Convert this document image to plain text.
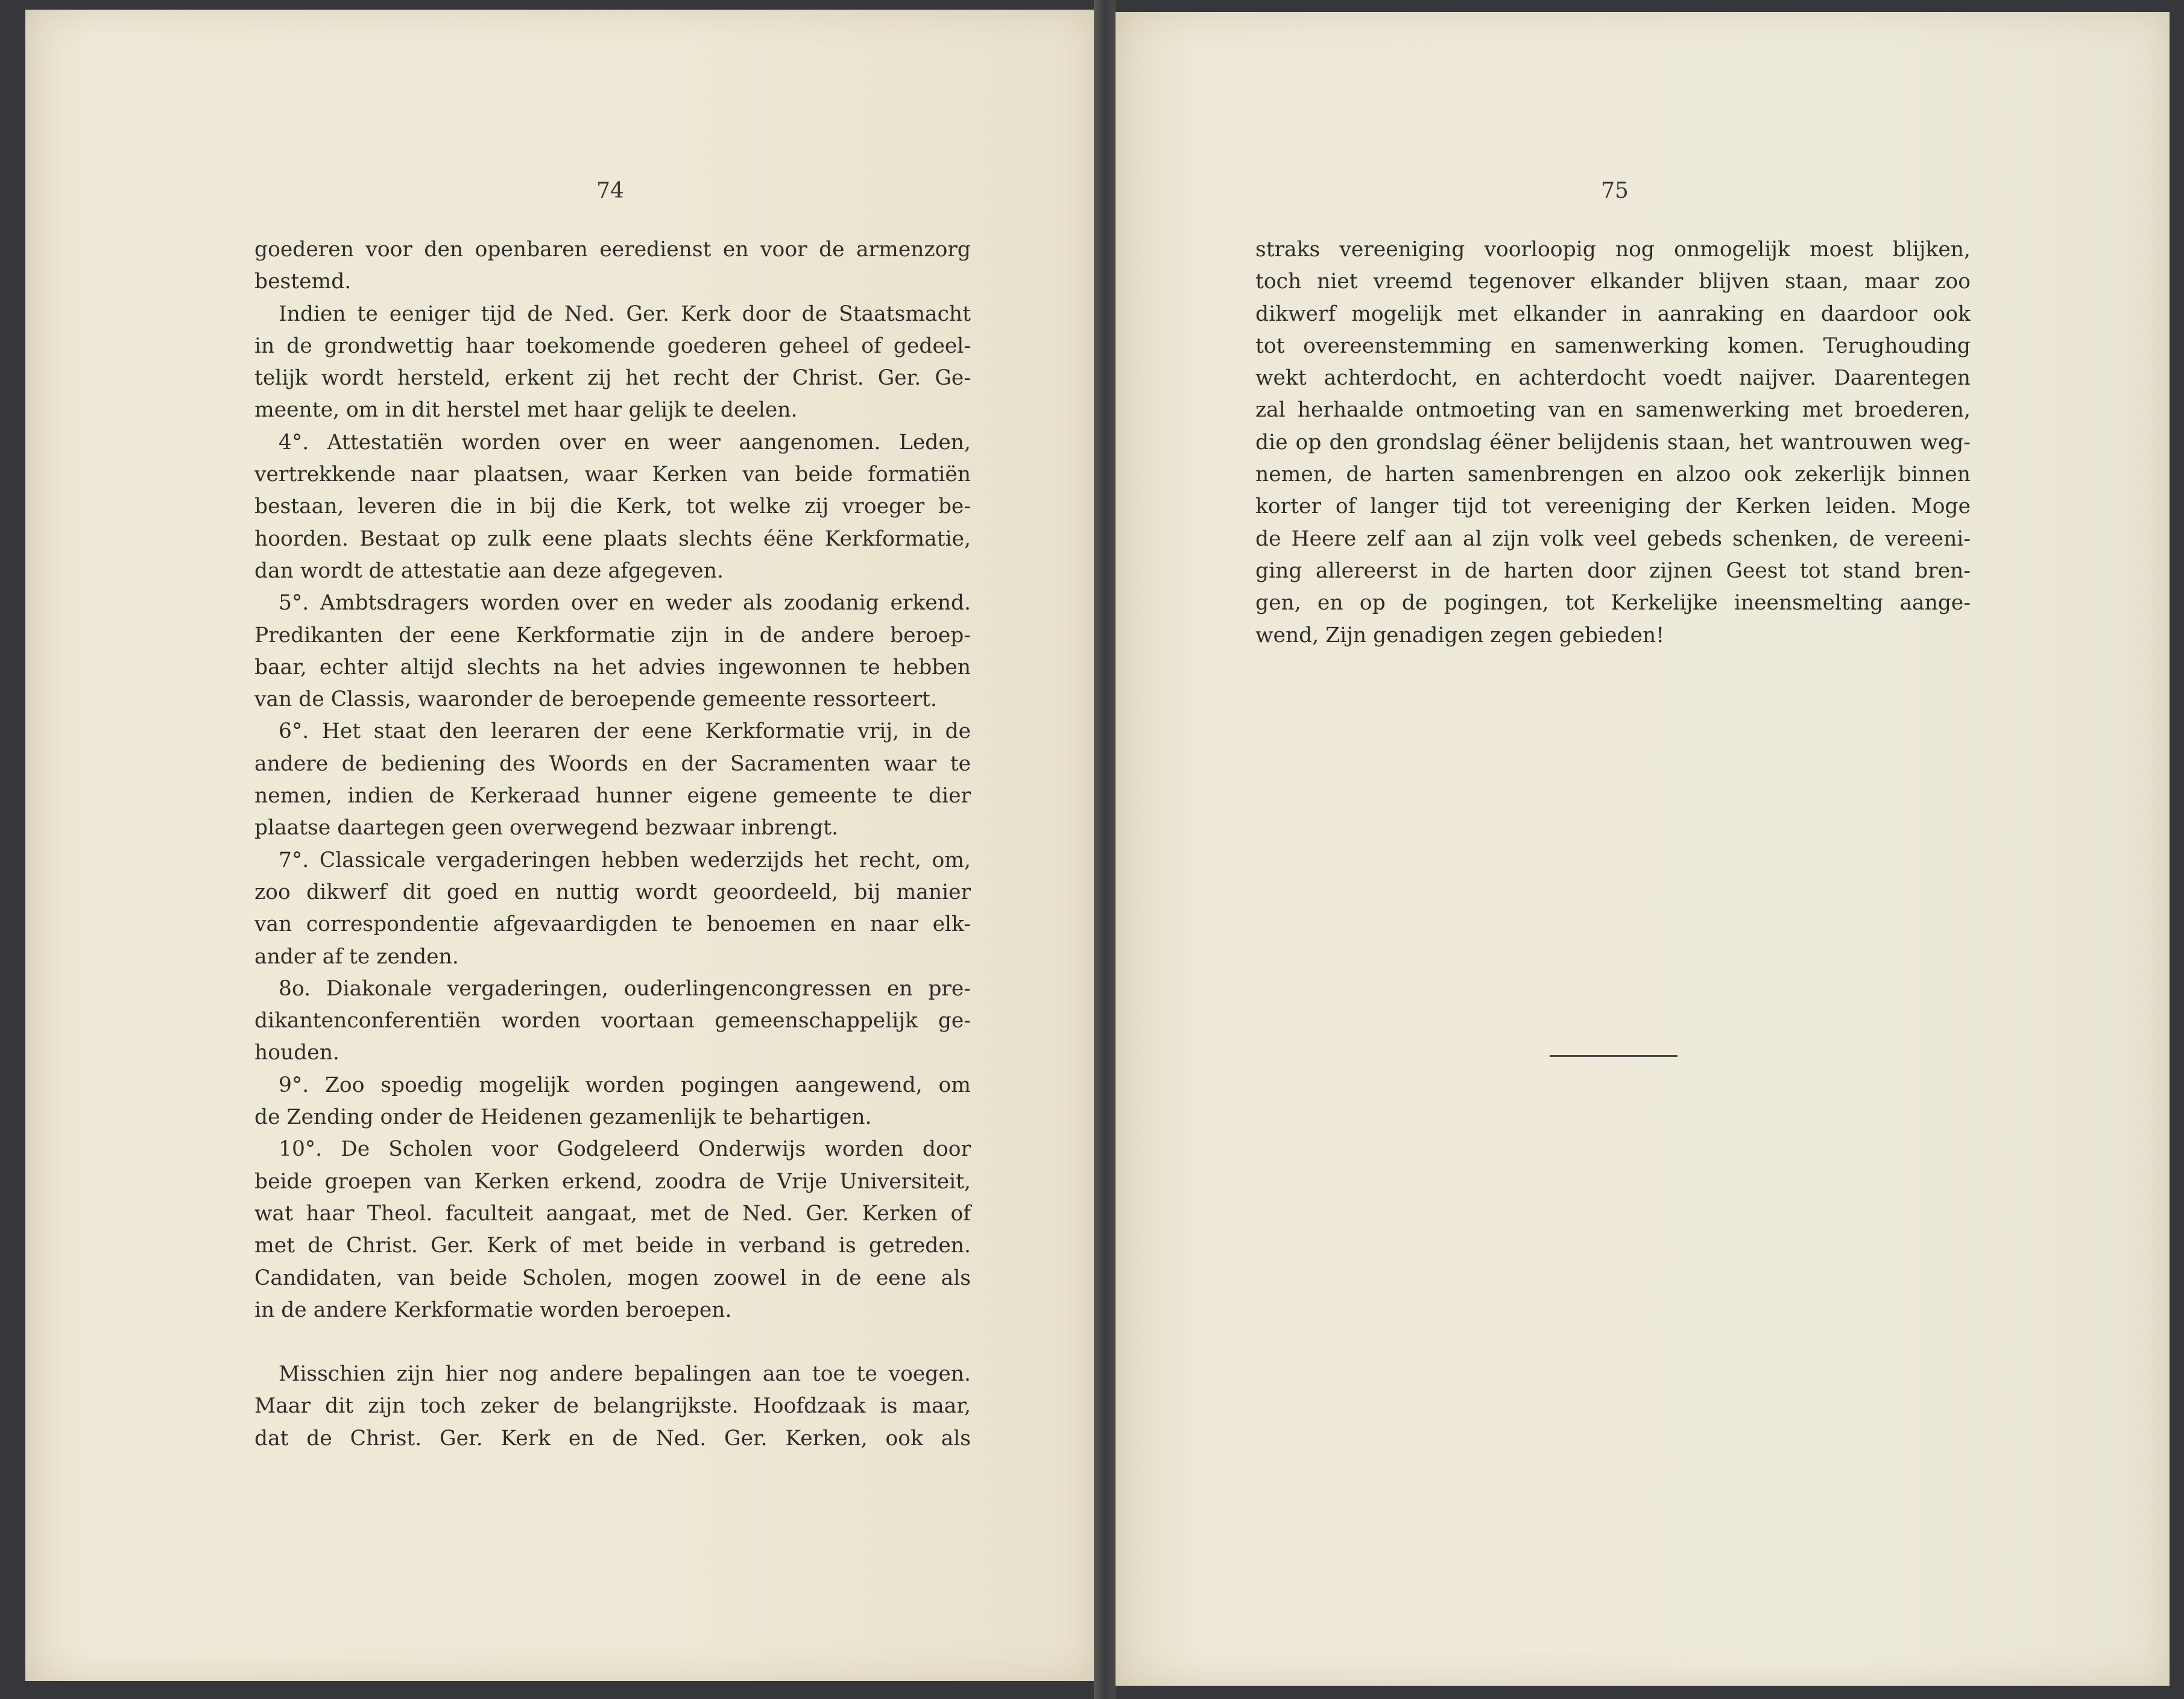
74	75

goederen voor den openbaren eeredienst en voor de armenzorg

bestemd.

Indien te eeniger tijd de Ned. Ger. Kerk door de Staatsmacht

in de grondwettig haar toekomende goederen geheel of gedeel-

telijk wordt hersteld, erkent zij het recht der Christ. Ger. Ge-

meente, om in dit herstel met haar gelijk te deelen.

4°. Attestatiën worden over en weer aangenomen. Leden,

vertrekkende naar plaatsen, waar Kerken van beide formatiën

bestaan, leveren die in bij die Kerk, tot welke zij vroeger be-

hoorden. Bestaat op zulk eene plaats slechts éëne Kerkformatie,

dan wordt de attestatie aan deze afgegeven.

5°. Ambtsdragers worden over en weder als zoodanig erkend.

Predikanten der eene Kerkformatie zijn in de andere beroep-

baar, echter altijd slechts na het advies ingewonnen te hebben

van de Classis, waaronder de beroepende gemeente ressorteert.

6°. Het staat den leeraren der eene Kerkformatie vrij, in de

andere de bediening des Woords en der Sacramenten waar te

nemen, indien de Kerkeraad hunner eigene gemeente te dier

plaatse daartegen geen overwegend bezwaar inbrengt.

7°. Classicale vergaderingen hebben wederzijds het recht, om,

zoo dikwerf dit goed en nuttig wordt geoordeeld, bij manier

van correspondentie afgevaardigden te benoemen en naar elk-

ander af te zenden.

8o. Diakonale vergaderingen, ouderlingencongressen en pre-

dikantenconferentiën worden voortaan gemeenschappelijk ge-

houden.

9°. Zoo spoedig mogelijk worden pogingen aangewend, om

de Zending onder de Heidenen gezamenlijk te behartigen.

10°. De Scholen voor Godgeleerd Onderwijs worden door

beide groepen van Kerken erkend, zoodra de Vrije Universiteit,

wat haar Theol. faculteit aangaat, met de Ned. Ger. Kerken of

met de Christ. Ger. Kerk of met beide in verband is getreden.

Candidaten, van beide Scholen, mogen zoowel in de eene als

in de andere Kerkformatie worden beroepen.

Misschien zijn hier nog andere bepalingen aan toe te voegen.

Maar dit zijn toch zeker de belangrijkste. Hoofdzaak is maar,

dat de Christ. Ger. Kerk en de Ned. Ger. Kerken, ook als

straks vereeniging voorloopig nog onmogelijk moest blijken,

toch niet vreemd tegenover elkander blijven staan, maar zoo

dikwerf mogelijk met elkander in aanraking en daardoor ook

tot overeenstemming en samenwerking komen. Terughouding

wekt achterdocht, en achterdocht voedt naijver. Daarentegen

zal herhaalde ontmoeting van en samenwerking met broederen,

die op den grondslag éëner belijdenis staan, het wantrouwen weg-

nemen, de harten samenbrengen en alzoo ook zekerlijk binnen

korter of langer tijd tot vereeniging der Kerken leiden. Moge

de Heere zelf aan al zijn volk veel gebeds schenken, de vereeni-

ging allereerst in de harten door zijnen Geest tot stand bren-

gen, en op de pogingen, tot Kerkelijke ineensmelting aange-

wend, Zijn genadigen zegen gebieden!
